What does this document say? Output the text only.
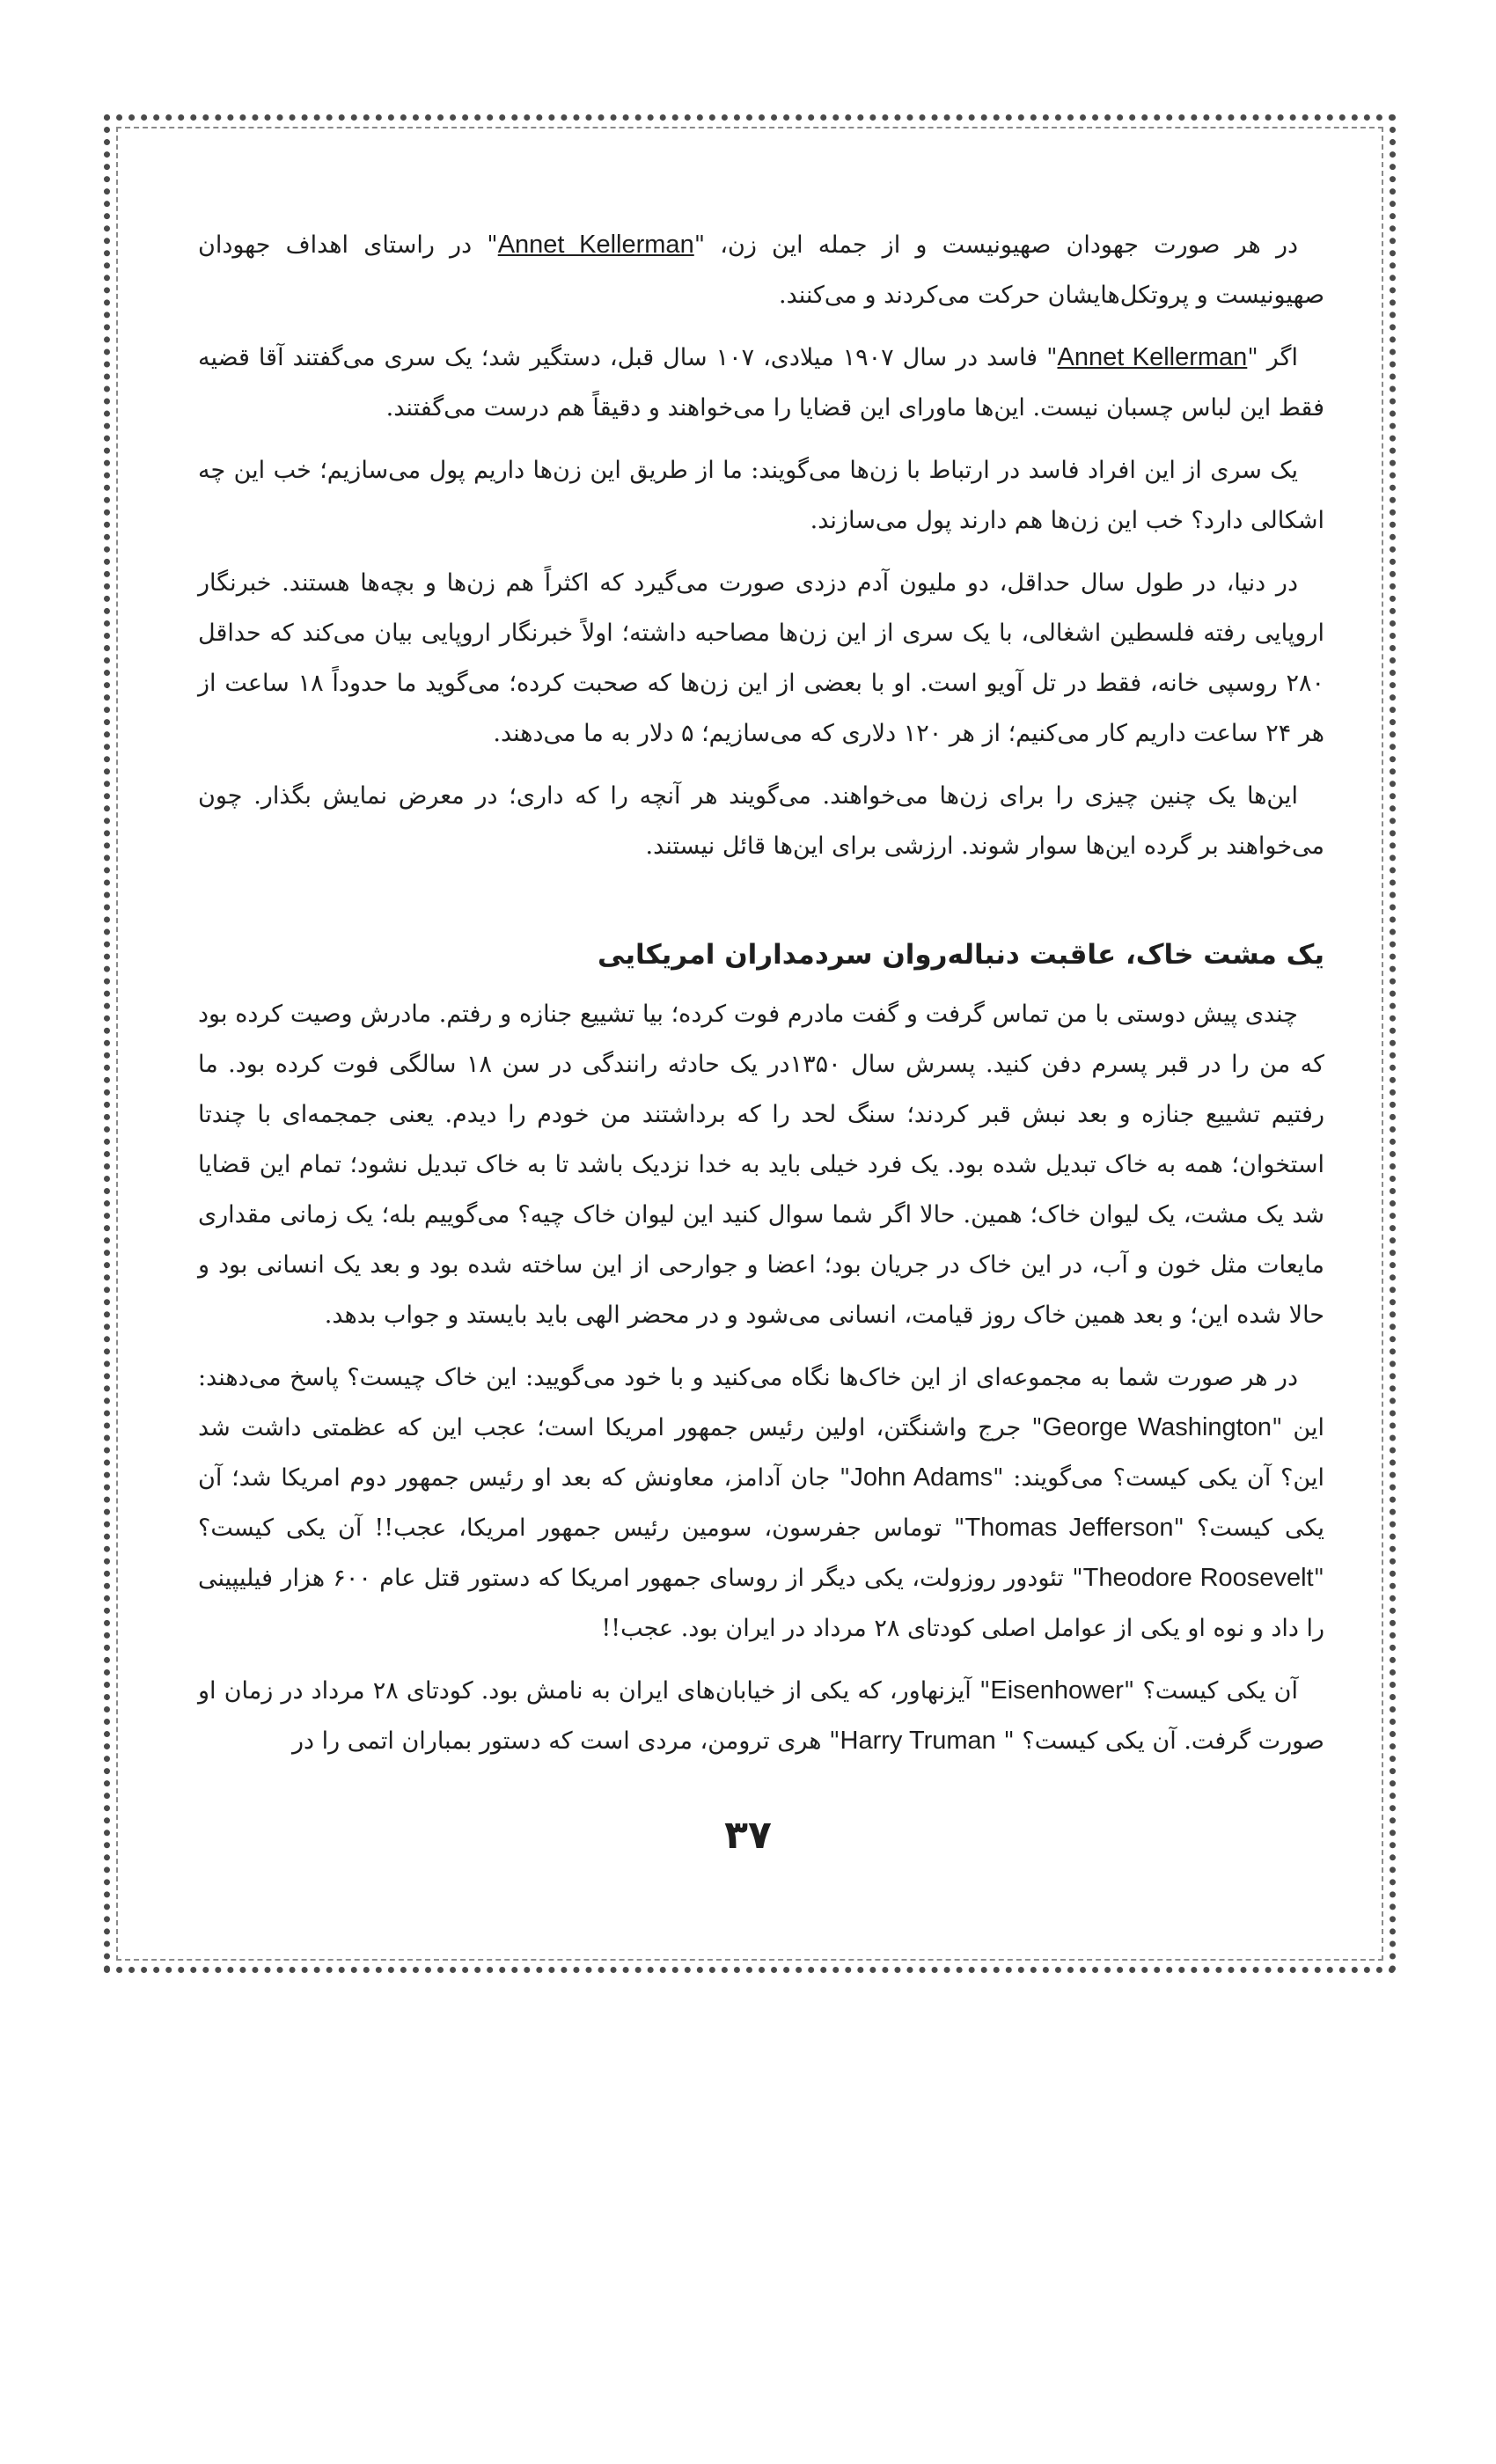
در هر صورت جهودان صهیونیست و از جمله این زن، "Annet Kellerman" در راستای اهداف جهودان صهیونیست و پروتکل‌هایشان حرکت می‌کردند و می‌کنند.

اگر "Annet Kellerman" فاسد در سال ۱۹۰۷ میلادی، ۱۰۷ سال قبل، دستگیر شد؛ یک سری می‌گفتند آقا قضیه فقط این لباس چسبان نیست. این‌ها ماورای این قضایا را می‌خواهند و دقیقاً هم درست می‌گفتند.

یک سری از این افراد فاسد در ارتباط با زن‌ها می‌گویند: ما از طریق این زن‌ها داریم پول می‌سازیم؛ خب این چه اشکالی دارد؟ خب این زن‌ها هم دارند پول می‌سازند.

در دنیا، در طول سال حداقل، دو ملیون آدم دزدی صورت می‌گیرد که اکثراً هم زن‌ها و بچه‌ها هستند. خبرنگار اروپایی رفته فلسطین اشغالی، با یک سری از این زن‌ها مصاحبه داشته؛ اولاً خبرنگار اروپایی بیان می‌کند که حداقل ۲۸۰ روسپی خانه، فقط در تل آویو است. او با بعضی از این زن‌ها که صحبت کرده؛ می‌گوید ما حدوداً ۱۸ ساعت از هر ۲۴ ساعت داریم کار می‌کنیم؛ از هر ۱۲۰ دلاری که می‌سازیم؛ ۵ دلار به ما می‌دهند.

این‌ها یک چنین چیزی را برای زن‌ها می‌خواهند. می‌گویند هر آنچه را که داری؛ در معرض نمایش بگذار. چون می‌خواهند بر گرده این‌ها سوار شوند. ارزشی برای این‌ها قائل نیستند.

یک مشت خاک، عاقبت دنباله‌روان سردمداران امریکایی

چندی پیش دوستی با من تماس گرفت و گفت مادرم فوت کرده؛ بیا تشییع جنازه و رفتم. مادرش وصیت کرده بود که من را در قبر پسرم دفن کنید. پسرش سال ۱۳۵۰در یک حادثه رانندگی در سن ۱۸ سالگی فوت کرده بود. ما رفتیم تشییع جنازه و بعد نبش قبر کردند؛ سنگ لحد را که برداشتند من خودم را دیدم. یعنی جمجمه‌ای با چندتا استخوان؛ همه به خاک تبدیل شده بود. یک فرد خیلی باید به خدا نزدیک باشد تا به خاک تبدیل نشود؛ تمام این قضایا شد یک مشت، یک لیوان خاک؛ همین. حالا اگر شما سوال کنید این لیوان خاک چیه؟ می‌گوییم بله؛ یک زمانی مقداری مایعات مثل خون و آب، در این خاک در جریان بود؛ اعضا و جوارحی از این ساخته شده بود و بعد یک انسانی بود و حالا شده این؛ و بعد همین خاک روز قیامت، انسانی می‌شود و در محضر الهی باید بایستد و جواب بدهد.

در هر صورت شما به مجموعه‌ای از این خاک‌ها نگاه می‌کنید و با خود می‌گویید: این خاک چیست؟ پاسخ می‌دهند: این "George Washington" جرج واشنگتن، اولین رئیس جمهور امریکا است؛ عجب این که عظمتی داشت شد این؟ آن یکی کیست؟ می‌گویند: "John Adams" جان آدامز، معاونش که بعد او رئیس جمهور دوم امریکا شد؛ آن یکی کیست؟ "Thomas Jefferson" توماس جفرسون، سومین رئیس جمهور امریکا، عجب!! آن یکی کیست؟ "Theodore Roosevelt" تئودور روزولت، یکی دیگر از روسای جمهور امریکا که دستور قتل عام ۶۰۰ هزار فیلیپینی را داد و نوه او یکی از عوامل اصلی کودتای ۲۸ مرداد در ایران بود. عجب!!

آن یکی کیست؟ "Eisenhower" آیزنهاور، که یکی از خیابان‌های ایران به نامش بود. کودتای ۲۸ مرداد در زمان او صورت گرفت. آن یکی کیست؟ " Harry Truman" هری ترومن، مردی است که دستور بمباران اتمی را در

۳۷
